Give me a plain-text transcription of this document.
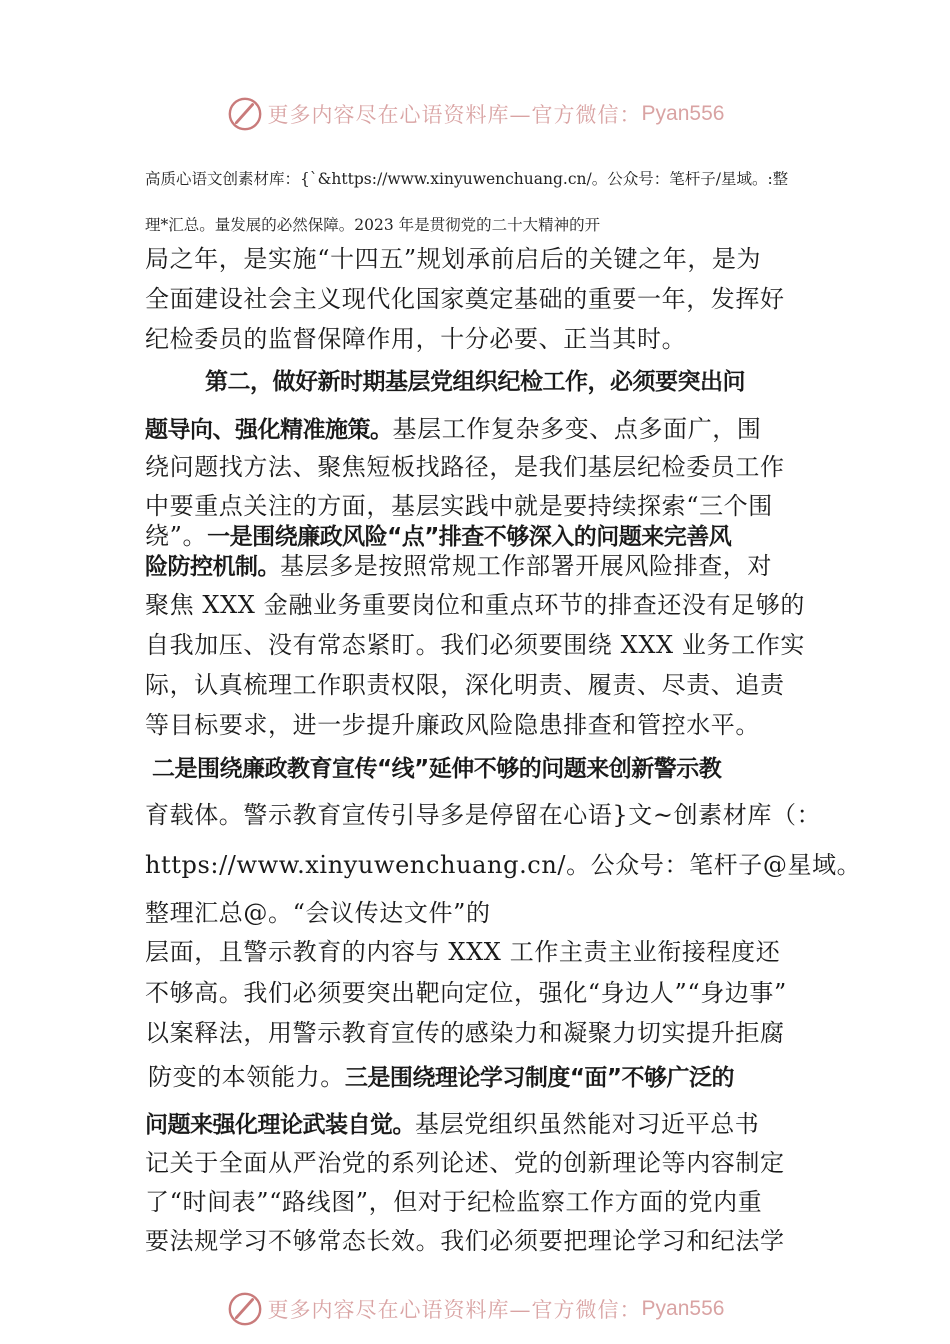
更多内容尽在心语资料库—官方微信： Pyan556
高质心语文创素材库：{`&https://www.xinyuwenchuang.cn/。公众号：笔杆子/星域。:整
理*汇总。量发展的必然保障。2023 年是贯彻党的二十大精神的开
局之年，是实施“十四五”规划承前启后的关键之年，是为
全面建设社会主义现代化国家奠定基础的重要一年，发挥好
纪检委员的监督保障作用，十分必要、正当其时。
第二，做好新时期基层党组织纪检工作，必须要突出问
题导向、强化精准施策。基层工作复杂多变、点多面广，围
绕问题找方法、聚焦短板找路径，是我们基层纪检委员工作
中要重点关注的方面，基层实践中就是要持续探索“三个围
绕”。一是围绕廉政风险“点”排查不够深入的问题来完善风
险防控机制。基层多是按照常规工作部署开展风险排查，对
聚焦 XXX 金融业务重要岗位和重点环节的排查还没有足够的
自我加压、没有常态紧盯。我们必须要围绕 XXX 业务工作实
际，认真梳理工作职责权限，深化明责、履责、尽责、追责
等目标要求，进一步提升廉政风险隐患排查和管控水平。
二是围绕廉政教育宣传“线”延伸不够的问题来创新警示教
育载体。警示教育宣传引导多是停留在心语}文~创素材库（：
https://www.xinyuwenchuang.cn/。公众号：笔杆子@星域。
整理汇总@。“会议传达文件”的
层面，且警示教育的内容与 XXX 工作主责主业衔接程度还
不够高。我们必须要突出靶向定位，强化“身边人”“身边事”
以案释法，用警示教育宣传的感染力和凝聚力切实提升拒腐
防变的本领能力。三是围绕理论学习制度“面”不够广泛的
问题来强化理论武装自觉。基层党组织虽然能对习近平总书
记关于全面从严治党的系列论述、党的创新理论等内容制定
了“时间表”“路线图”，但对于纪检监察工作方面的党内重
要法规学习不够常态长效。我们必须要把理论学习和纪法学
更多内容尽在心语资料库—官方微信： Pyan556
